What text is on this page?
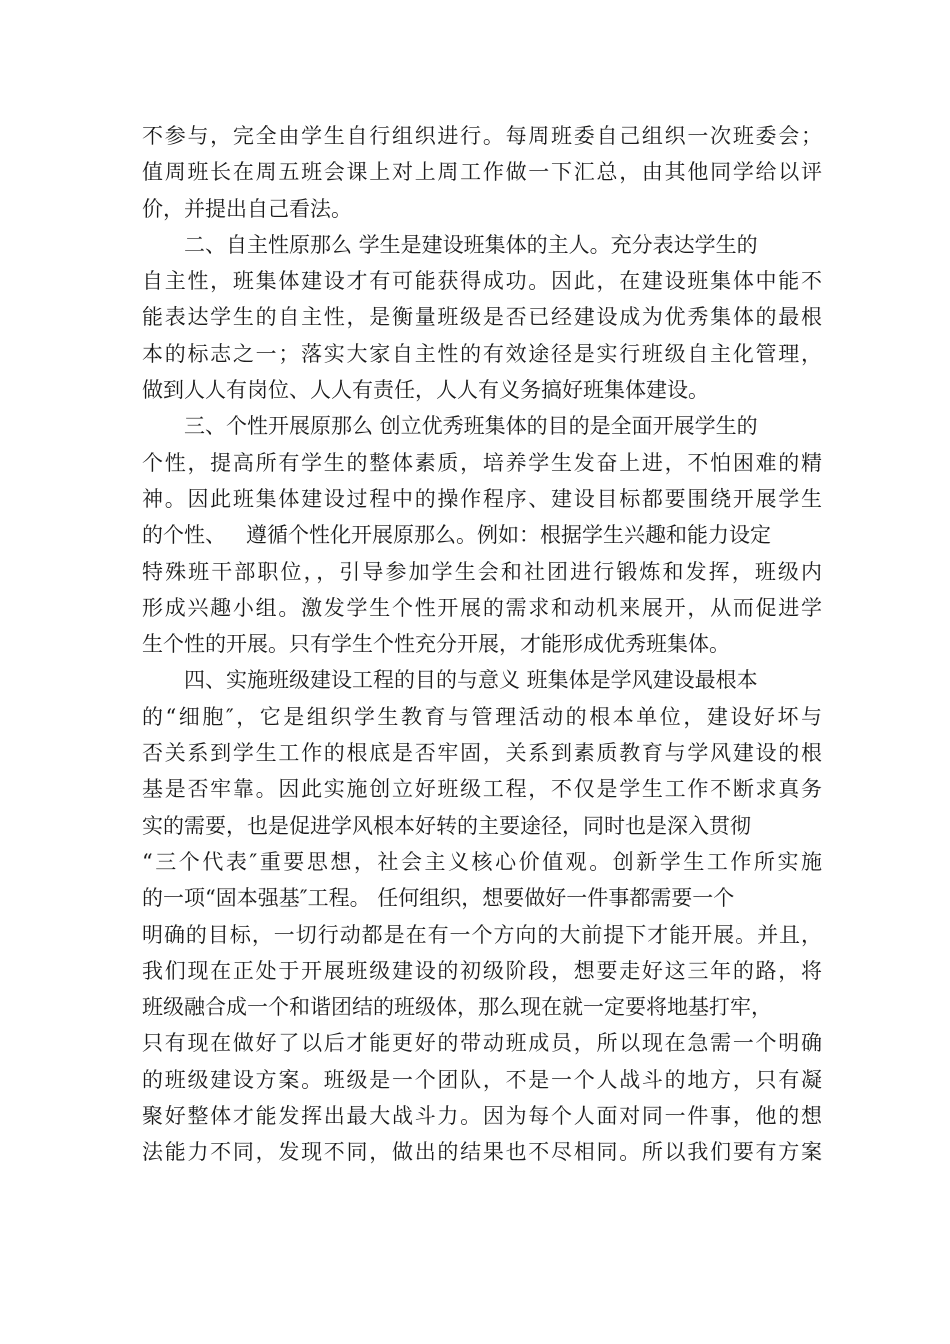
不参与，完全由学生自行组织进行。每周班委自己组织一次班委会；
值周班长在周五班会课上对上周工作做一下汇总，由其他同学给以评
价，并提出自己看法。
二、自主性原那么 学生是建设班集体的主人。充分表达学生的
自主性，班集体建设才有可能获得成功。因此，在建设班集体中能不
能表达学生的自主性，是衡量班级是否已经建设成为优秀集体的最根
本的标志之一；落实大家自主性的有效途径是实行班级自主化管理，
做到人人有岗位、人人有责任，人人有义务搞好班集体建设。
三、个性开展原那么 创立优秀班集体的目的是全面开展学生的
个性，提高所有学生的整体素质，培养学生发奋上进，不怕困难的精
神。因此班集体建设过程中的操作程序、建设目标都要围绕开展学生
的个性、   遵循个性化开展原那么。例如：根据学生兴趣和能力设定
特殊班干部职位，，引导参加学生会和社团进行锻炼和发挥，班级内
形成兴趣小组。激发学生个性开展的需求和动机来展开，从而促进学
生个性的开展。只有学生个性充分开展，才能形成优秀班集体。
四、实施班级建设工程的目的与意义 班集体是学风建设最根本
的“细胞″，它是组织学生教育与管理活动的根本单位，建设好坏与
否关系到学生工作的根底是否牢固，关系到素质教育与学风建设的根
基是否牢靠。因此实施创立好班级工程，不仅是学生工作不断求真务
实的需要，也是促进学风根本好转的主要途径，同时也是深入贯彻
“三个代表″重要思想，社会主义核心价值观。创新学生工作所实施
的一项“固本强基″工程。 任何组织，想要做好一件事都需要一个
明确的目标，一切行动都是在有一个方向的大前提下才能开展。并且，
我们现在正处于开展班级建设的初级阶段，想要走好这三年的路，将
班级融合成一个和谐团结的班级体，那么现在就一定要将地基打牢，
只有现在做好了以后才能更好的带动班成员，所以现在急需一个明确
的班级建设方案。班级是一个团队，不是一个人战斗的地方，只有凝
聚好整体才能发挥出最大战斗力。因为每个人面对同一件事，他的想
法能力不同，发现不同，做出的结果也不尽相同。所以我们要有方案
